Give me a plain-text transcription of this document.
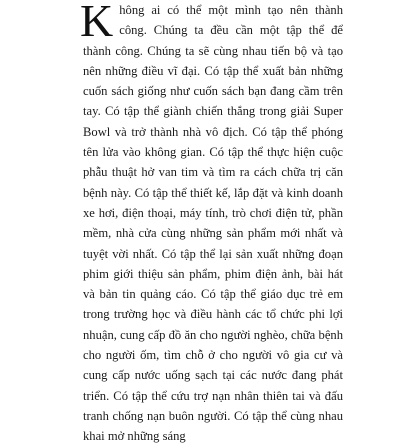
Không ai có thể một mình tạo nên thành công. Chúng ta đều cần một tập thể để thành công. Chúng ta sẽ cùng nhau tiến bộ và tạo nên những điều vĩ đại. Có tập thể xuất bản những cuốn sách giống như cuốn sách bạn đang cầm trên tay. Có tập thể giành chiến thắng trong giải Super Bowl và trở thành nhà vô địch. Có tập thể phóng tên lửa vào không gian. Có tập thể thực hiện cuộc phẫu thuật hở van tim và tìm ra cách chữa trị căn bệnh này. Có tập thể thiết kế, lắp đặt và kinh doanh xe hơi, điện thoại, máy tính, trò chơi điện tử, phần mềm, nhà cửa cùng những sản phẩm mới nhất và tuyệt vời nhất. Có tập thể lại sản xuất những đoạn phim giới thiệu sản phẩm, phim điện ảnh, bài hát và bản tin quảng cáo. Có tập thể giáo dục trẻ em trong trường học và điều hành các tổ chức phi lợi nhuận, cung cấp đồ ăn cho người nghèo, chữa bệnh cho người ốm, tìm chỗ ở cho người vô gia cư và cung cấp nước uống sạch tại các nước đang phát triển. Có tập thể cứu trợ nạn nhân thiên tai và đấu tranh chống nạn buôn người. Có tập thể cùng nhau khai mở những sáng
